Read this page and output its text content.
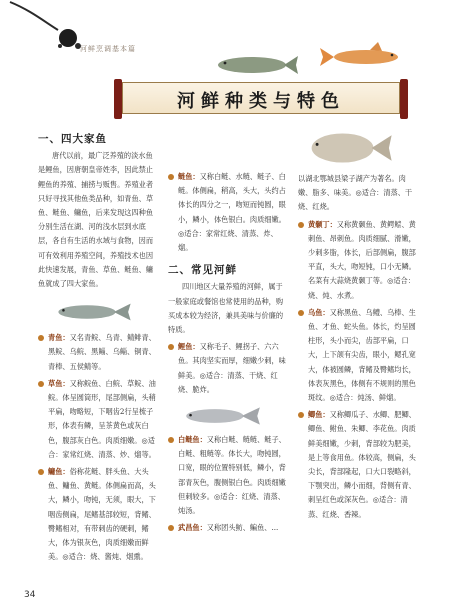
河鲜烹调基本篇
河鲜种类与特色
一、四大家鱼

唐代以前，最广泛养殖的淡水鱼是鲤鱼，因唐朝皇帝姓李，因此禁止鲤鱼的养殖、捕捞与贩售。养殖业者只好寻找其他鱼类品种，如青鱼、草鱼、鲢鱼、鳙鱼，后来发现这四种鱼分别生活在湖、河的浅水层到水底层，各自有生活的水域与食物，因而可有效利用养殖空间，养殖技术也因此快速发展，青鱼、草鱼、鲢鱼、鳙鱼就成了四大家鱼。

青鱼：又名青鲩、乌青、鲭鲱青、黑鲩、乌鲩、黑鲻、乌鲻、铜青、青棒、五侯鲭等。
草鱼：又称鲩鱼、白鲩、草鲩、油鲩。体呈圆筒形，尾部侧扁，头稍平扁，吻略短，下咽齿2行呈梳子形，体表有鳞，呈茶黄色或灰白色，腹部灰白色。肉质细嫩。◎适合：家常红烧、清蒸、炒、熘等。
鳙鱼：俗称花鲢、胖头鱼、大头鱼、鳙鱼、黄鲢。体侧扁而高，头大，鳞小，吻钝，无须，眼大，下咽齿侧扁，尾鳍基部较短，背鳍、臀鳍相对，有带刺齿的硬刺，鳍大，体为银灰色，肉质细嫩而鲜美。◎适合：烧、酱炖、烟熏。
鲢鱼：又称白鲢、水鲢、鲢子、白鲢。体侧扁，稍高，头大，头约占体长的四分之一，吻短而钝圆，眼小，鳞小，体色银白。肉质细嫩。◎适合：家常红烧、清蒸、炸、熘。
二、常见河鲜

四川地区大量养殖的河鲜，属于一般家庭或餐馆也常使用的品种，购买成本较为经济，兼具美味与价廉的特质。

鲤鱼：又称毛子、鲤拐子、六六鱼。其肉坚实而厚，细嫩少刺，味鲜美。◎适合：清蒸、干烧、红烧、脆炸。
白鲢鱼：又称白鲢、鲢鲢、鲢子、白鲢、粗鲢等。体长大，吻钝圆，口宽，眼的位置特别低，鳞小，背部青灰色，腹侧银白色。肉质细嫩但刺较多。◎适合：红烧、清蒸、炖汤。
武昌鱼：又称团头鲂、鳊鱼、...

以湖北鄂城县梁子湖产为著名。肉嫩、脂多、味美。◎适合：清蒸、干烧、红烧。

黄颡丁：又称黄颡鱼、黄鳄鲿、黄刺鱼、昂刺鱼。肉质细腻、滑嫩，少刺多脂，体长，后部侧扁，腹部平直，头大，吻短钝，口小无鳞。名菜有大蒜烧黄颡丁等。◎适合：烧、炖、水煮。
乌鱼：又称黑鱼、乌鳢、乌棒、生鱼、才鱼、蛇头鱼。体长，灼呈圆柱形，头小而尖，齿部平扁，口大，上下颌有尖齿，眼小，鳃孔宽大，体被圆鳞，背鳍及臀鳍均长，体表灰黑色，体侧有不规则的黑色斑纹。◎适合：炖汤、鲜熘。
鲫鱼：又称鲫瓜子、水鲫、肥鲫、鲫鱼、鲋鱼、朱鲫、李花鱼。肉质鲜美细嫩，少刺，背部较为肥美，是上等食用鱼。体较高，侧扁，头尖长，背部隆起，口大口裂略斜，下颚突出，鳞小而细，背侧有青、刺呈红色或深灰色。◎适合：清蒸、红烧、香辣。
34
